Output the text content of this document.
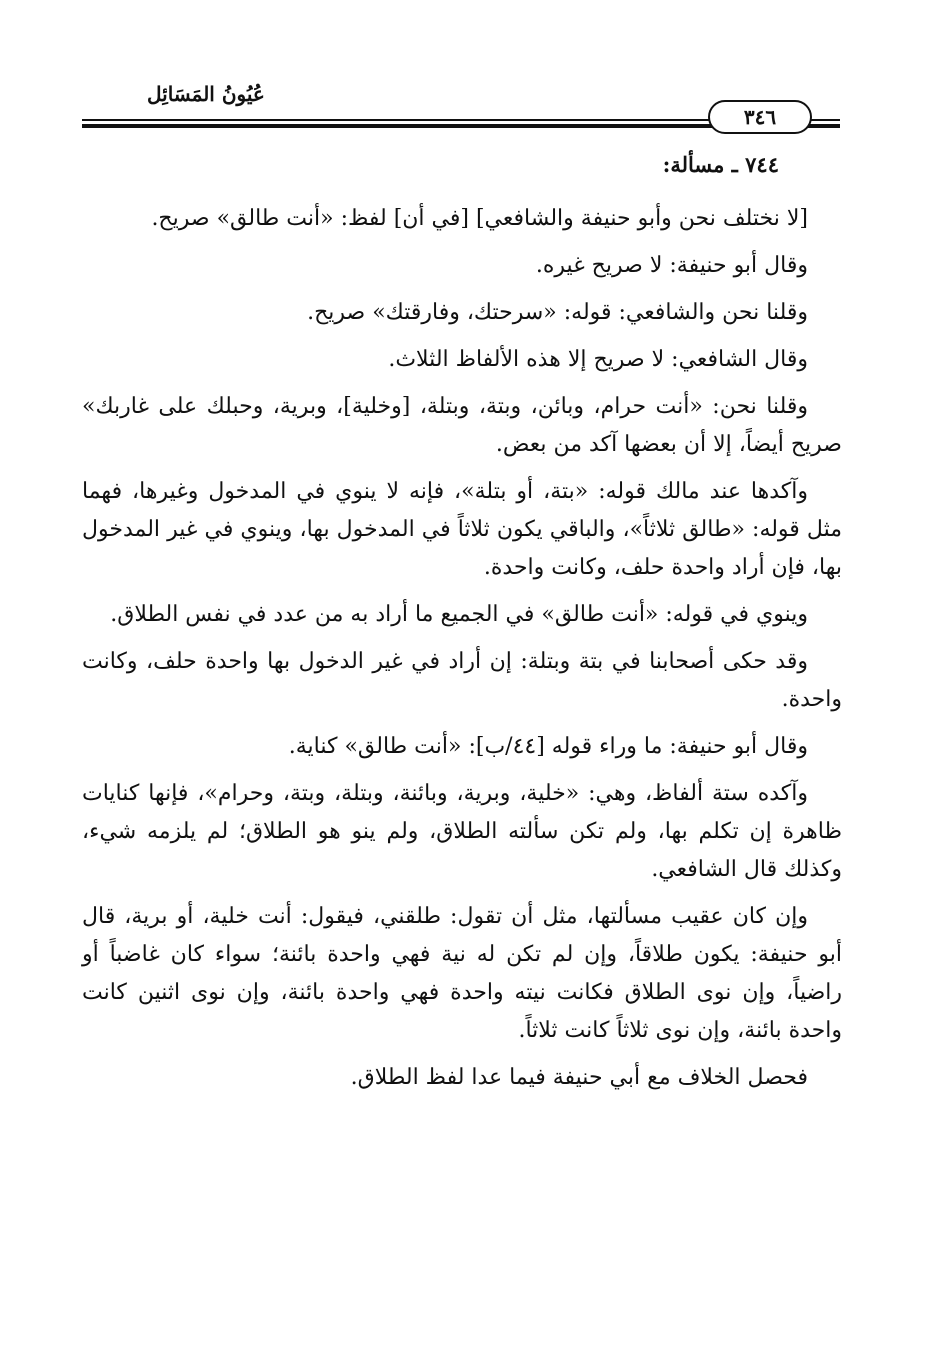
عُيُونُ المَسَائِل
٣٤٦
٧٤٤ ـ مسألة:

[لا نختلف نحن وأبو حنيفة والشافعي] [في أن] لفظ: «أنت طالق» صريح.

وقال أبو حنيفة: لا صريح غيره.

وقلنا نحن والشافعي: قوله: «سرحتك، وفارقتك» صريح.

وقال الشافعي: لا صريح إلا هذه الألفاظ الثلاث.

وقلنا نحن: «أنت حرام، وبائن، وبتة، وبتلة، [وخلية]، وبرية، وحبلك على غاربك» صريح أيضاً، إلا أن بعضها آكد من بعض.

وآكدها عند مالك قوله: «بتة، أو بتلة»، فإنه لا ينوي في المدخول وغيرها، فهما مثل قوله: «طالق ثلاثاً»، والباقي يكون ثلاثاً في المدخول بها، وينوي في غير المدخول بها، فإن أراد واحدة حلف، وكانت واحدة.

وينوي في قوله: «أنت طالق» في الجميع ما أراد به من عدد في نفس الطلاق.

وقد حكى أصحابنا في بتة وبتلة: إن أراد في غير الدخول بها واحدة حلف، وكانت واحدة.

وقال أبو حنيفة: ما وراء قوله [٤٤/ب]: «أنت طالق» كناية.

وآكده ستة ألفاظ، وهي: «خلية، وبرية، وبائنة، وبتلة، وبتة، وحرام»، فإنها كنايات ظاهرة إن تكلم بها، ولم تكن سألته الطلاق، ولم ينو هو الطلاق؛ لم يلزمه شيء، وكذلك قال الشافعي.

وإن كان عقيب مسألتها، مثل أن تقول: طلقني، فيقول: أنت خلية، أو برية، قال أبو حنيفة: يكون طلاقاً، وإن لم تكن له نية فهي واحدة بائنة؛ سواء كان غاضباً أو راضياً، وإن نوى الطلاق فكانت نيته واحدة فهي واحدة بائنة، وإن نوى اثنين كانت واحدة بائنة، وإن نوى ثلاثاً كانت ثلاثاً.

فحصل الخلاف مع أبي حنيفة فيما عدا لفظ الطلاق.
